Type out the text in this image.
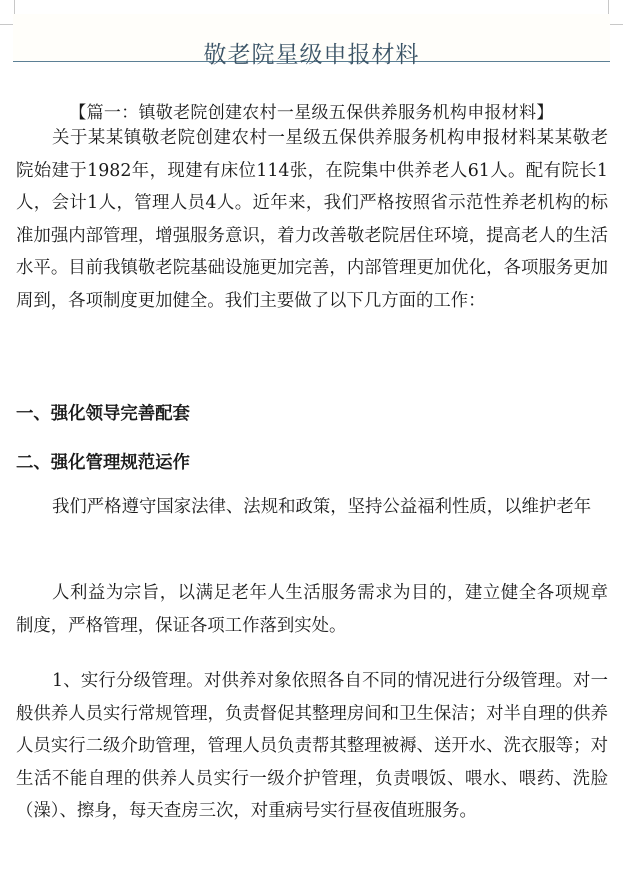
敬老院星级申报材料

【篇一：镇敬老院创建农村一星级五保供养服务机构申报材料】

关于某某镇敬老院创建农村一星级五保供养服务机构申报材料某某敬老院始建于1982年，现建有床位114张，在院集中供养老人61人。配有院长1人，会计1人，管理人员4人。近年来，我们严格按照省示范性养老机构的标准加强内部管理，增强服务意识，着力改善敬老院居住环境，提高老人的生活水平。目前我镇敬老院基础设施更加完善，内部管理更加优化，各项服务更加周到，各项制度更加健全。我们主要做了以下几方面的工作：

一、强化领导完善配套
二、强化管理规范运作

我们严格遵守国家法律、法规和政策，坚持公益福利性质，以维护老年

人利益为宗旨，以满足老年人生活服务需求为目的，建立健全各项规章制度，严格管理，保证各项工作落到实处。

1、实行分级管理。对供养对象依照各自不同的情况进行分级管理。对一般供养人员实行常规管理，负责督促其整理房间和卫生保洁；对半自理的供养人员实行二级介助管理，管理人员负责帮其整理被褥、送开水、洗衣服等；对生活不能自理的供养人员实行一级介护管理，负责喂饭、喂水、喂药、洗脸（澡）、擦身，每天查房三次，对重病号实行昼夜值班服务。
